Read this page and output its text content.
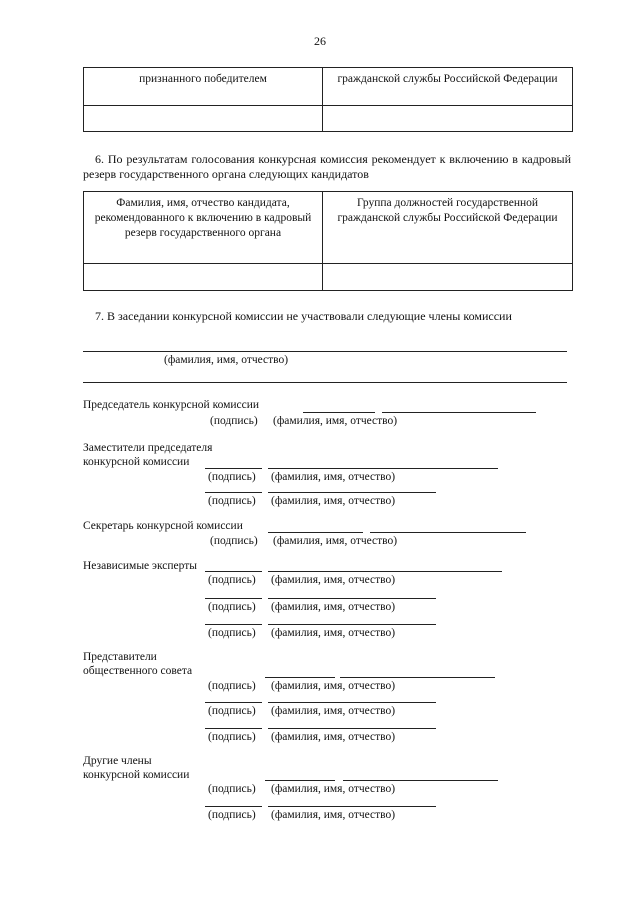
26
признанного победителем	гражданской службы Российской Федерации

6. По результатам голосования конкурсная комиссия рекомендует к включению в кадровый резерв государственного органа следующих кандидатов
Фамилия, имя, отчество кандидата, рекомендованного к включению в кадровый резерв государственного органа	Группа должностей государственной гражданской службы Российской Федерации

7. В заседании конкурсной комиссии не участвовали следующие члены комиссии
(фамилия, имя, отчество)
Председатель конкурсной комиссии
(подпись) (фамилия, имя, отчество)
Заместители председателя
конкурсной комиссии
(подпись) (фамилия, имя, отчество)
(подпись) (фамилия, имя, отчество)
Секретарь конкурсной комиссии
(подпись) (фамилия, имя, отчество)
Независимые эксперты
(подпись) (фамилия, имя, отчество)
(подпись) (фамилия, имя, отчество)
(подпись) (фамилия, имя, отчество)
Представители
общественного совета
(подпись) (фамилия, имя, отчество)
(подпись) (фамилия, имя, отчество)
(подпись) (фамилия, имя, отчество)
Другие члены
конкурсной комиссии
(подпись) (фамилия, имя, отчество)
(подпись) (фамилия, имя, отчество)
